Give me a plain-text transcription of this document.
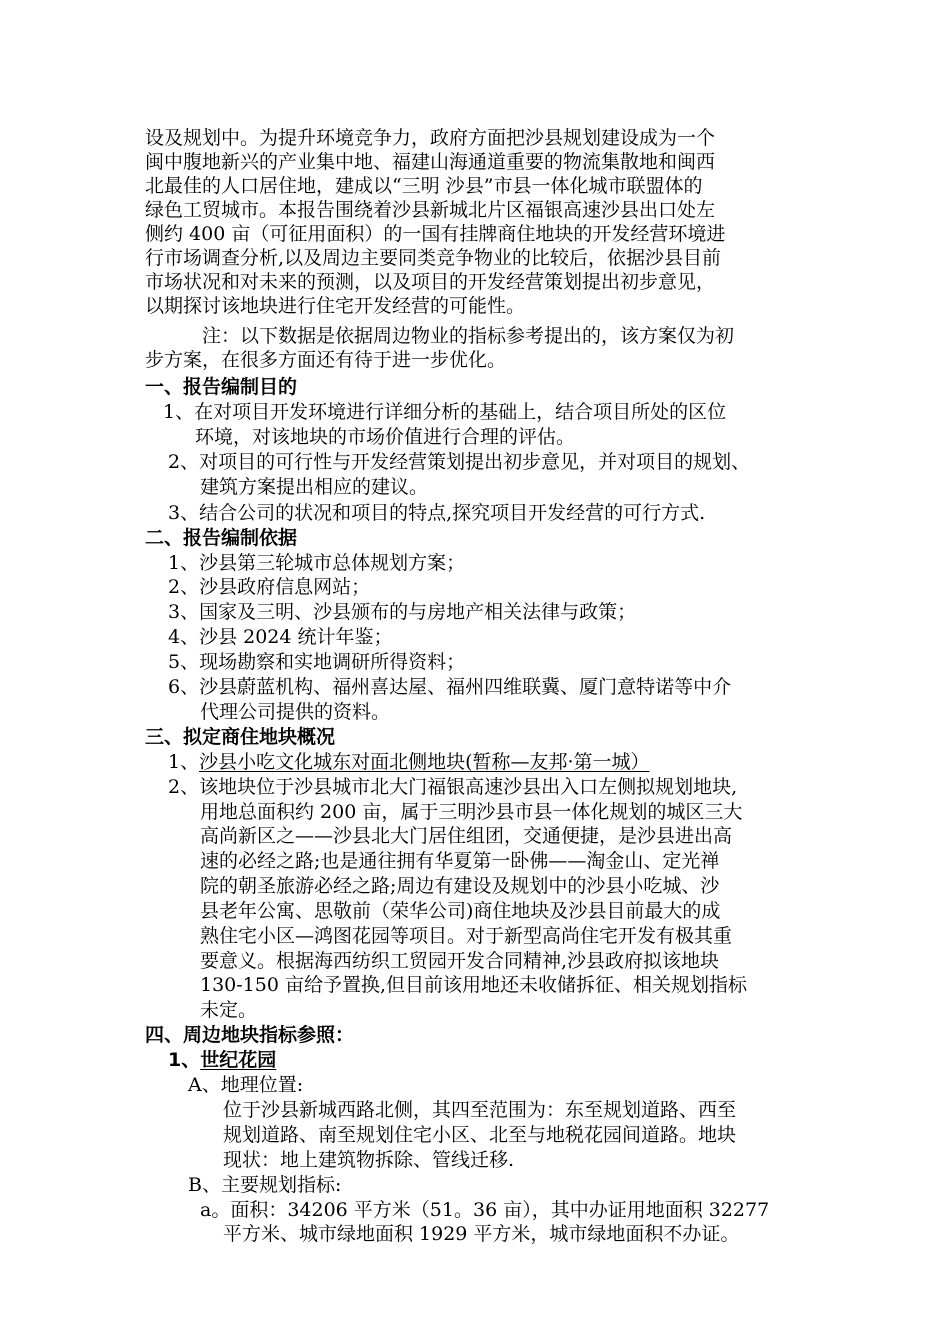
设及规划中。为提升环境竞争力，政府方面把沙县规划建设成为一个
闽中腹地新兴的产业集中地、福建山海通道重要的物流集散地和闽西
北最佳的人口居住地，建成以“三明 沙县”市县一体化城市联盟体的
绿色工贸城市。本报告围绕着沙县新城北片区福银高速沙县出口处左
侧约 400 亩（可征用面积）的一国有挂牌商住地块的开发经营环境进
行市场调查分析,以及周边主要同类竞争物业的比较后，依据沙县目前
市场状况和对未来的预测，以及项目的开发经营策划提出初步意见，
以期探讨该地块进行住宅开发经营的可能性。
注：以下数据是依据周边物业的指标参考提出的，该方案仅为初
步方案，在很多方面还有待于进一步优化。
一、报告编制目的
1、在对项目开发环境进行详细分析的基础上，结合项目所处的区位
环境，对该地块的市场价值进行合理的评估。
2、对项目的可行性与开发经营策划提出初步意见，并对项目的规划、
建筑方案提出相应的建议。
3、结合公司的状况和项目的特点,探究项目开发经营的可行方式.
二、报告编制依据
1、沙县第三轮城市总体规划方案；
2、沙县政府信息网站；
3、国家及三明、沙县颁布的与房地产相关法律与政策；
4、沙县 2024 统计年鉴；
5、现场勘察和实地调研所得资料；
6、沙县蔚蓝机构、福州喜达屋、福州四维联冀、厦门意特诺等中介
代理公司提供的资料。
三、拟定商住地块概况
1、沙县小吃文化城东对面北侧地块(暂称—友邦·第一城）
2、该地块位于沙县城市北大门福银高速沙县出入口左侧拟规划地块,
用地总面积约 200 亩，属于三明沙县市县一体化规划的城区三大
高尚新区之——沙县北大门居住组团，交通便捷，是沙县进出高
速的必经之路;也是通往拥有华夏第一卧佛——淘金山、定光禅
院的朝圣旅游必经之路;周边有建设及规划中的沙县小吃城、沙
县老年公寓、思敬前（荣华公司)商住地块及沙县目前最大的成
熟住宅小区—鸿图花园等项目。对于新型高尚住宅开发有极其重
要意义。根据海西纺织工贸园开发合同精神,沙县政府拟该地块
130-150 亩给予置换,但目前该用地还未收储拆征、相关规划指标
未定。
四、周边地块指标参照：
1、世纪花园
A、地理位置:
位于沙县新城西路北侧，其四至范围为：东至规划道路、西至
规划道路、南至规划住宅小区、北至与地税花园间道路。地块
现状：地上建筑物拆除、管线迁移.
B、主要规划指标:
a。面积：34206 平方米（51。36 亩），其中办证用地面积 32277
平方米、城市绿地面积 1929 平方米，城市绿地面积不办证。
